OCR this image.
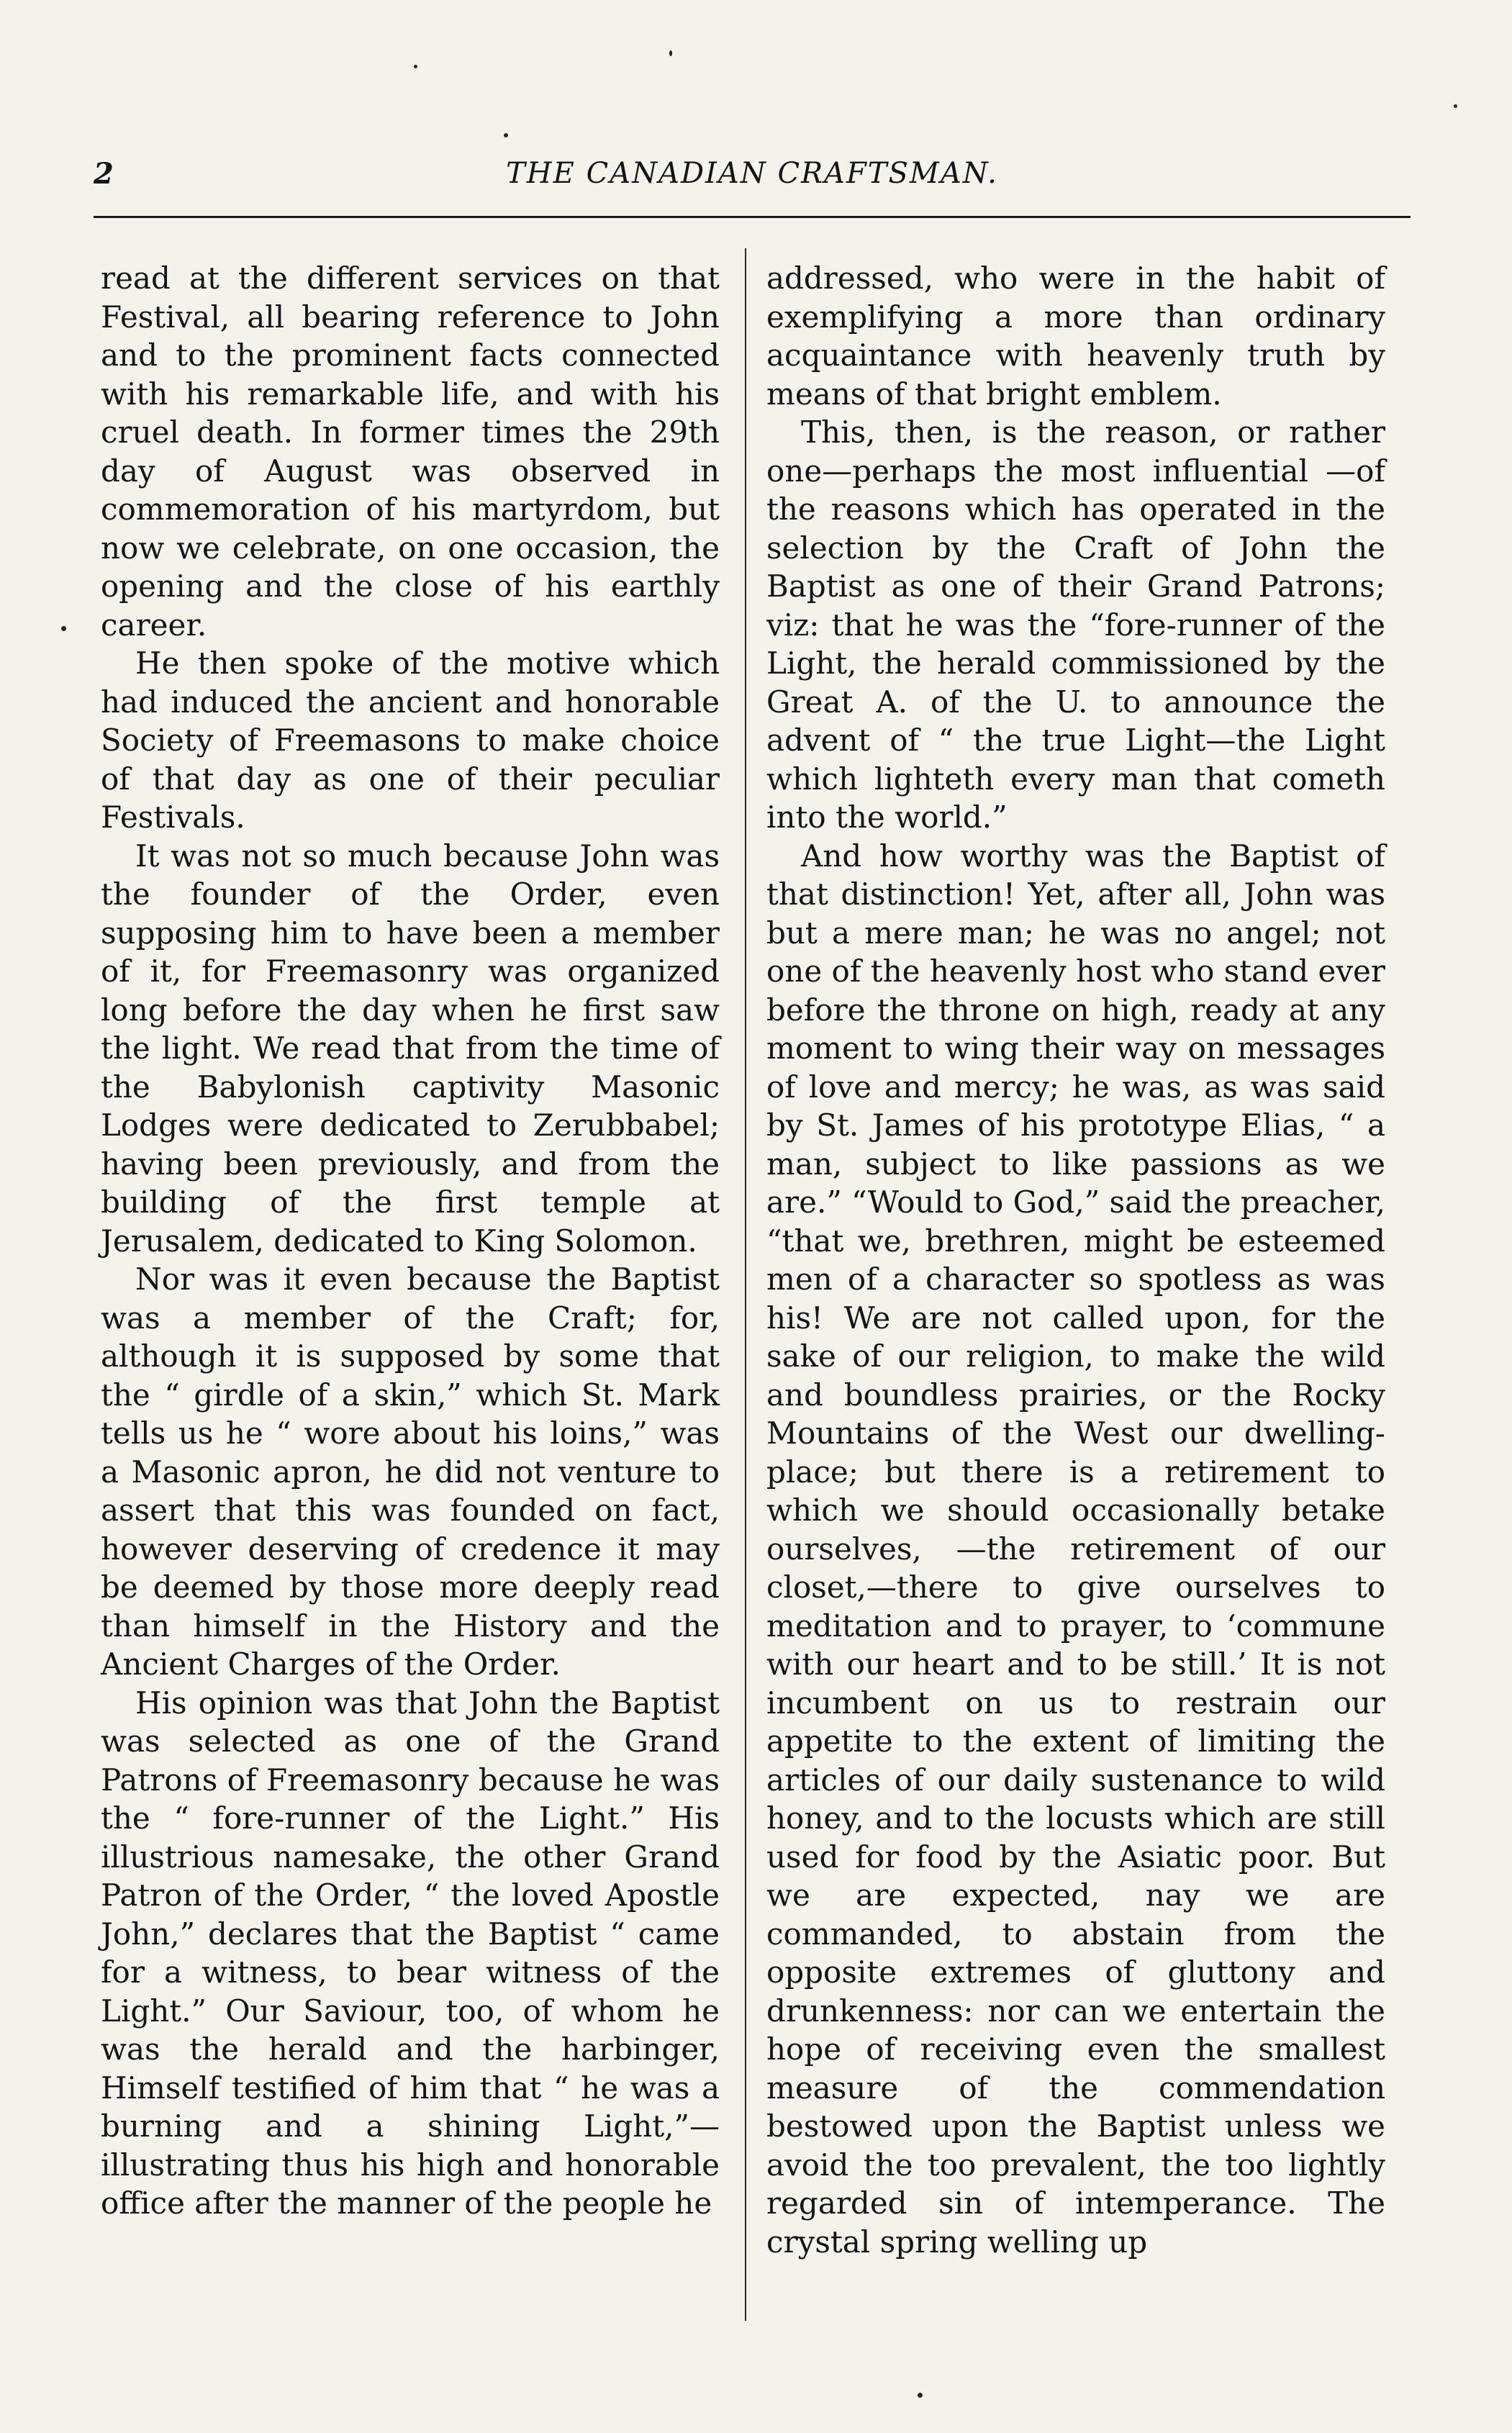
2	THE CANADIAN CRAFTSMAN.

read at the different services on that Festival, all bearing reference to John and to the prominent facts connected with his remarkable life, and with his cruel death. In former times the 29th day of August was observed in commemoration of his martyrdom, but now we celebrate, on one occasion, the opening and the close of his earthly career.

He then spoke of the motive which had induced the ancient and honorable Society of Freemasons to make choice of that day as one of their peculiar Festivals.

It was not so much because John was the founder of the Order, even supposing him to have been a member of it, for Freemasonry was organized long before the day when he first saw the light. We read that from the time of the Babylonish captivity Masonic Lodges were dedicated to Zerubbabel; having been previously, and from the building of the first temple at Jerusalem, dedicated to King Solomon.

Nor was it even because the Baptist was a member of the Craft; for, although it is supposed by some that the “ girdle of a skin,” which St. Mark tells us he “ wore about his loins,” was a Masonic apron, he did not venture to assert that this was founded on fact, however deserving of credence it may be deemed by those more deeply read than himself in the History and the Ancient Charges of the Order.

His opinion was that John the Baptist was selected as one of the Grand Patrons of Freemasonry because he was the “ fore-runner of the Light.” His illustrious namesake, the other Grand Patron of the Order, “ the loved Apostle John,” declares that the Baptist “ came for a witness, to bear witness of the Light.” Our Saviour, too, of whom he was the herald and the harbinger, Himself testified of him that “ he was a burning and a shining Light,”—illustrating thus his high and honorable office after the manner of the people he

addressed, who were in the habit of exemplifying a more than ordinary acquaintance with heavenly truth by means of that bright emblem.

This, then, is the reason, or rather one—perhaps the most influential —of the reasons which has operated in the selection by the Craft of John the Baptist as one of their Grand Patrons; viz: that he was the “fore-runner of the Light, the herald commissioned by the Great A. of the U. to announce the advent of “ the true Light—the Light which lighteth every man that cometh into the world.”

And how worthy was the Baptist of that distinction! Yet, after all, John was but a mere man; he was no angel; not one of the heavenly host who stand ever before the throne on high, ready at any moment to wing their way on messages of love and mercy; he was, as was said by St. James of his prototype Elias, “ a man, subject to like passions as we are.” “Would to God,” said the preacher, “that we, brethren, might be esteemed men of a character so spotless as was his! We are not called upon, for the sake of our religion, to make the wild and boundless prairies, or the Rocky Mountains of the West our dwelling-place; but there is a retirement to which we should occasionally betake ourselves, —the retirement of our closet,—there to give ourselves to meditation and to prayer, to ‘commune with our heart and to be still.’ It is not incumbent on us to restrain our appetite to the extent of limiting the articles of our daily sustenance to wild honey, and to the locusts which are still used for food by the Asiatic poor. But we are expected, nay we are commanded, to abstain from the opposite extremes of gluttony and drunkenness: nor can we entertain the hope of receiving even the smallest measure of the commendation bestowed upon the Baptist unless we avoid the too prevalent, the too lightly regarded sin of intemperance. The crystal spring welling up
